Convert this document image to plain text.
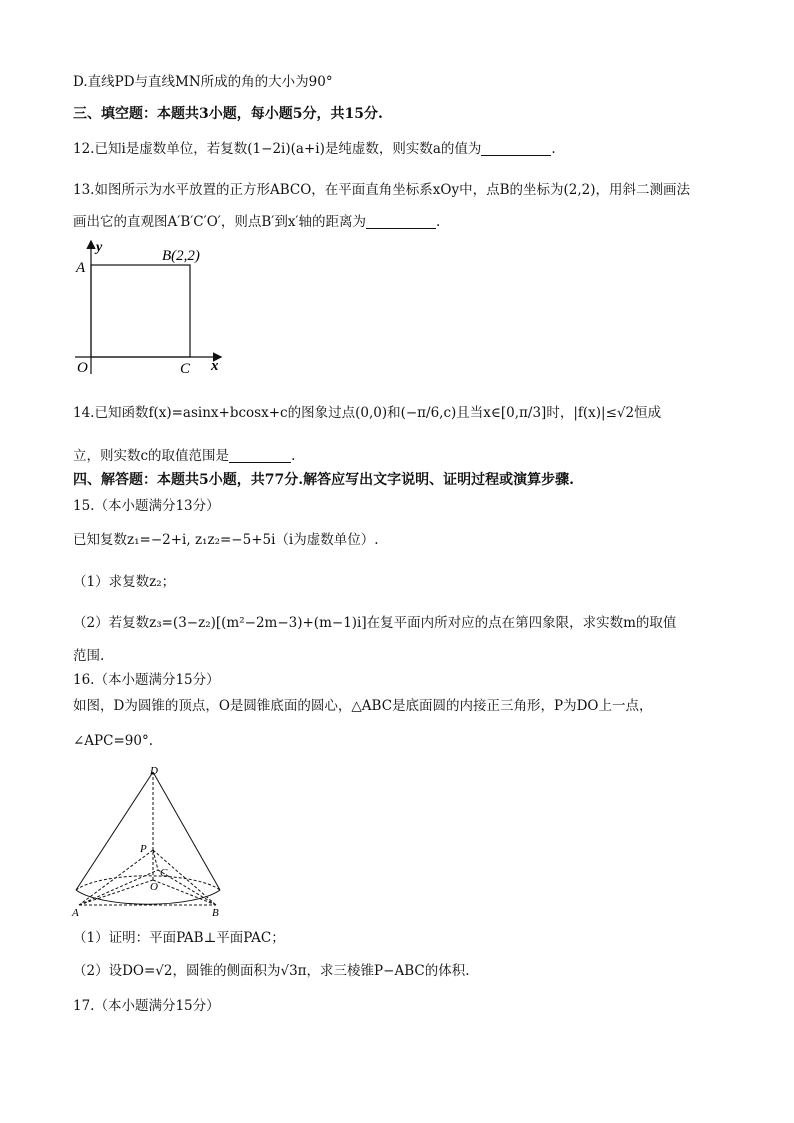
D.直线PD与直线MN所成的角的大小为90°
三、填空题：本题共3小题，每小题5分，共15分.
12.已知i是虚数单位，若复数(1−2i)(a+i)是纯虚数，则实数a的值为	.
13.如图所示为水平放置的正方形ABCO，在平面直角坐标系xOy中，点B的坐标为(2,2)，用斜二测画法
画出它的直观图A′B′C′O′，则点B′到x′轴的距离为	.
y
x
A
B(2,2)
O	C
14.已知函数f(x)=asinx+bcosx+c的图象过点(0,0)和(−π/6,c)且当x∈[0,π/3]时，|f(x)|≤√2恒成
立，则实数c的取值范围是	.
四、解答题：本题共5小题，共77分.解答应写出文字说明、证明过程或演算步骤.
15.（本小题满分13分）
已知复数z₁=−2+i, z₁z₂=−5+5i（i为虚数单位）.
（1）求复数z₂；
（2）若复数z₃=(3−z₂)[(m²−2m−3)+(m−1)i]在复平面内所对应的点在第四象限，求实数m的取值
范围.
16.（本小题满分15分）
如图，D为圆锥的顶点，O是圆锥底面的圆心，△ABC是底面圆的内接正三角形，P为DO上一点，
∠APC=90°.
D
P
C
O
A	B
（1）证明：平面PAB⊥平面PAC；
（2）设DO=√2，圆锥的侧面积为√3π，求三棱锥P−ABC的体积.
17.（本小题满分15分）
